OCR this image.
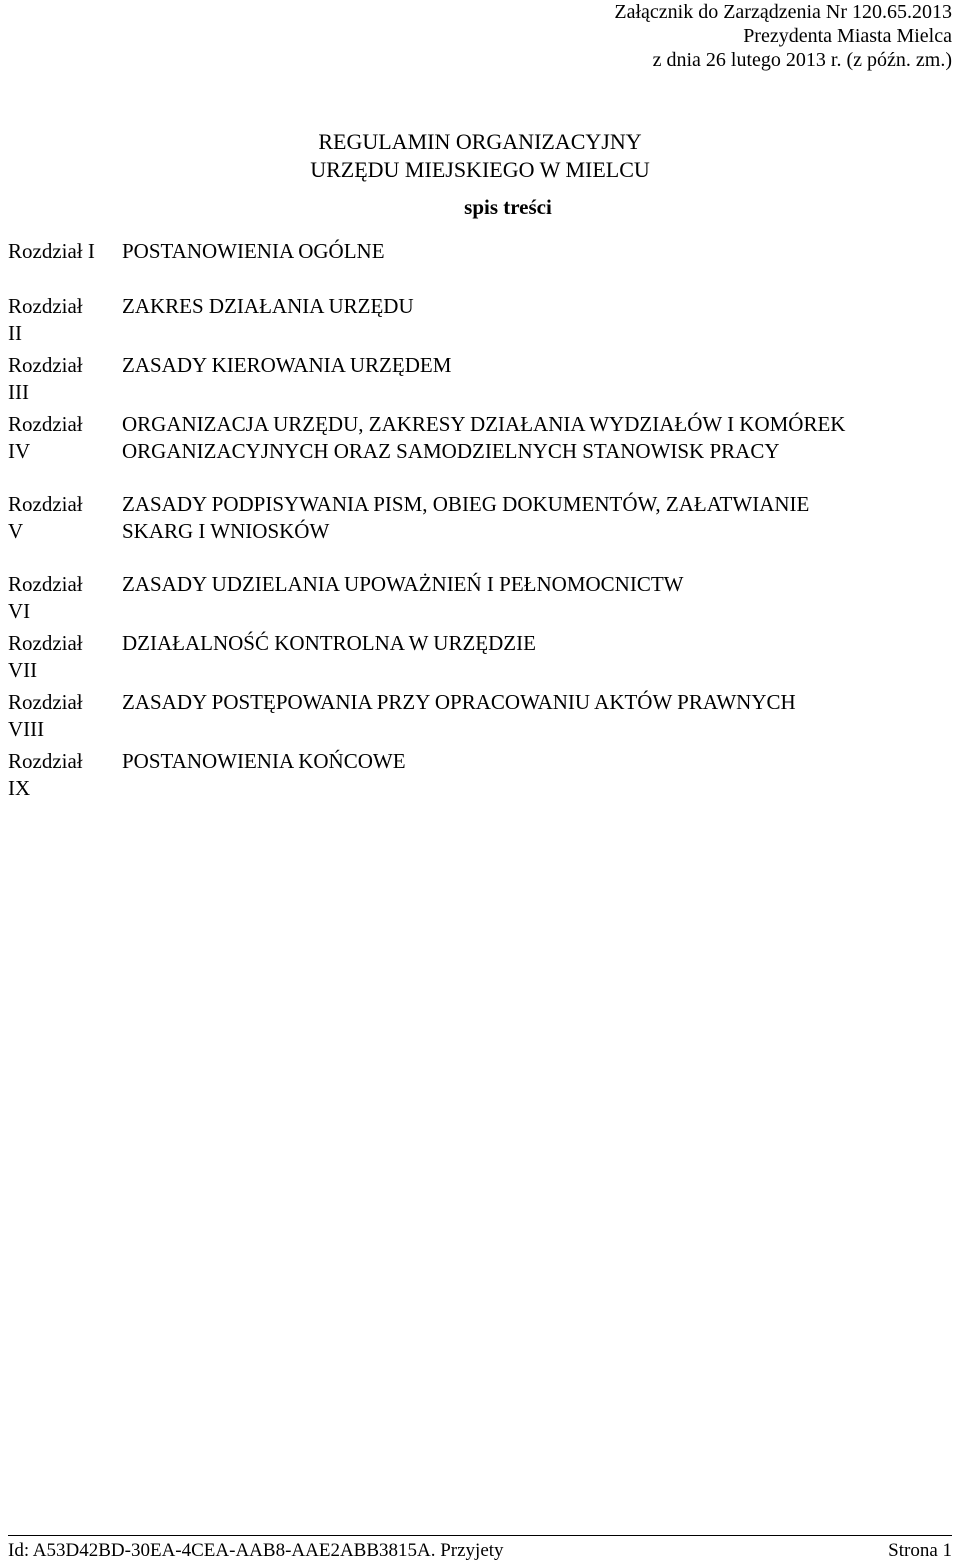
Załącznik do Zarządzenia Nr 120.65.2013
Prezydenta Miasta Mielca
z dnia 26 lutego 2013 r. (z późn. zm.)
REGULAMIN ORGANIZACYJNY
URZĘDU MIEJSKIEGO W MIELCU
spis treści
Rozdział I	POSTANOWIENIA OGÓLNE
Rozdział
II
ZAKRES DZIAŁANIA URZĘDU
Rozdział
III
ZASADY KIEROWANIA URZĘDEM
Rozdział
IV
ORGANIZACJA URZĘDU, ZAKRESY DZIAŁANIA WYDZIAŁÓW I KOMÓREK
ORGANIZACYJNYCH ORAZ SAMODZIELNYCH STANOWISK PRACY
Rozdział
V
ZASADY PODPISYWANIA PISM, OBIEG DOKUMENTÓW, ZAŁATWIANIE
SKARG I WNIOSKÓW
Rozdział
VI
ZASADY UDZIELANIA UPOWAŻNIEŃ I PEŁNOMOCNICTW
Rozdział
VII
DZIAŁALNOŚĆ KONTROLNA W URZĘDZIE
Rozdział
VIII
ZASADY POSTĘPOWANIA PRZY OPRACOWANIU AKTÓW PRAWNYCH
Rozdział
IX
POSTANOWIENIA KOŃCOWE
Id: A53D42BD-30EA-4CEA-AAB8-AAE2ABB3815A. Przyjety	Strona 1
